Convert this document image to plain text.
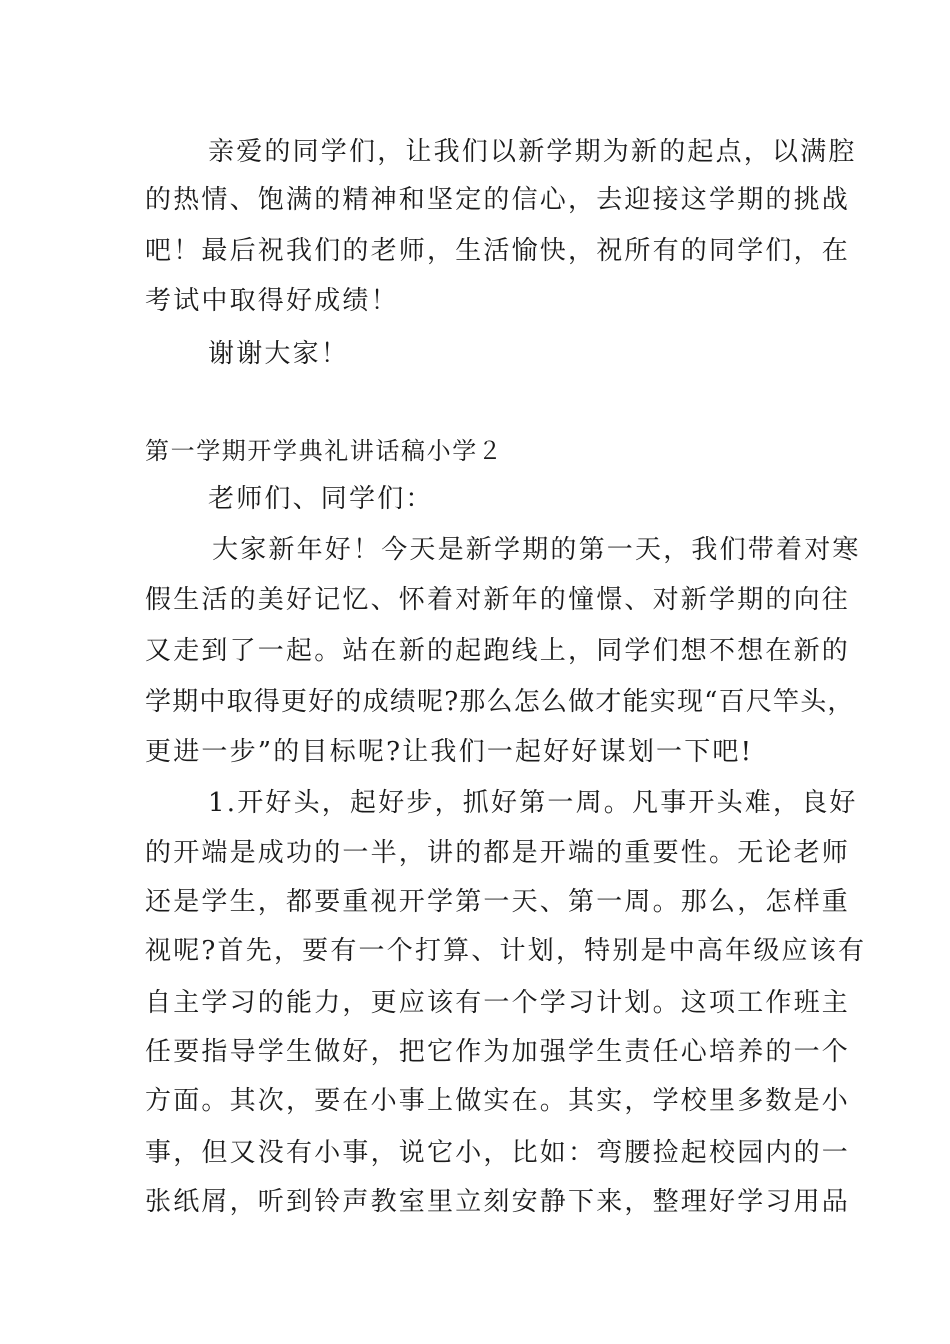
亲爱的同学们，让我们以新学期为新的起点，以满腔
的热情、饱满的精神和坚定的信心，去迎接这学期的挑战
吧！最后祝我们的老师，生活愉快，祝所有的同学们，在
考试中取得好成绩！
谢谢大家！
第一学期开学典礼讲话稿小学２
老师们、同学们：
大家新年好！今天是新学期的第一天，我们带着对寒
假生活的美好记忆、怀着对新年的憧憬、对新学期的向往
又走到了一起。站在新的起跑线上，同学们想不想在新的
学期中取得更好的成绩呢?那么怎么做才能实现“百尺竿头，
更进一步”的目标呢?让我们一起好好谋划一下吧!
1.开好头，起好步，抓好第一周。凡事开头难，良好
的开端是成功的一半，讲的都是开端的重要性。无论老师
还是学生，都要重视开学第一天、第一周。那么，怎样重
视呢?首先，要有一个打算、计划，特别是中高年级应该有
自主学习的能力，更应该有一个学习计划。这项工作班主
任要指导学生做好，把它作为加强学生责任心培养的一个
方面。其次，要在小事上做实在。其实，学校里多数是小
事，但又没有小事，说它小，比如：弯腰捡起校园内的一
张纸屑，听到铃声教室里立刻安静下来，整理好学习用品
